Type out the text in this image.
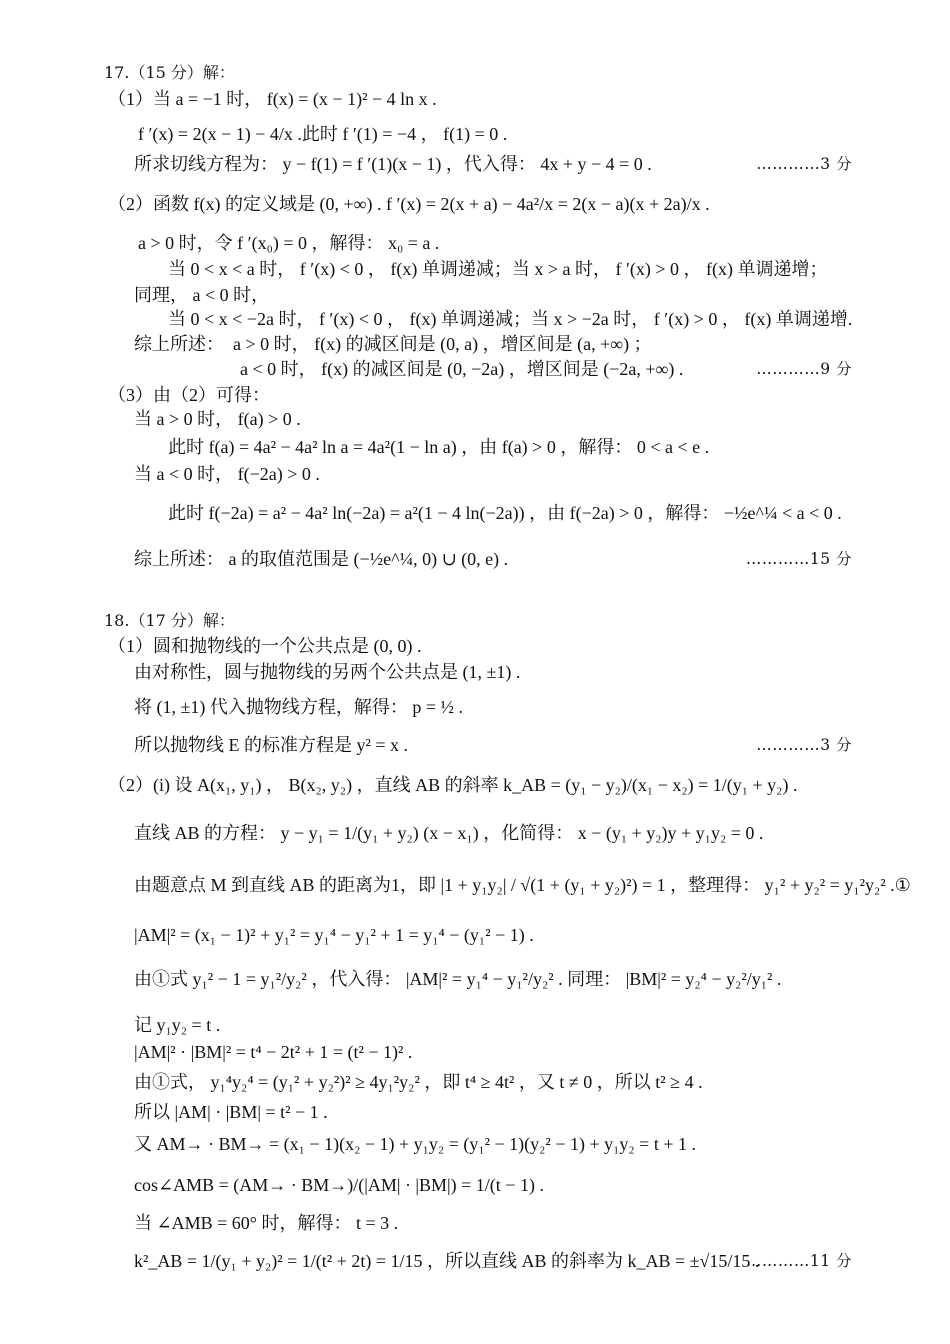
17.（15 分）解：
（1）当 a = −1 时， f(x) = (x − 1)² − 4 ln x .
f ′(x) = 2(x − 1) − 4/x .此时 f ′(1) = −4 ， f(1) = 0 .
所求切线方程为： y − f(1) = f ′(1)(x − 1) ，代入得： 4x + y − 4 = 0 .	…………3 分
（2）函数 f(x) 的定义域是 (0, +∞) . f ′(x) = 2(x + a) − 4a²/x = 2(x − a)(x + 2a)/x .
a > 0 时，令 f ′(x₀) = 0 ，解得： x₀ = a .
当 0 < x < a 时， f ′(x) < 0 ， f(x) 单调递减；当 x > a 时， f ′(x) > 0 ， f(x) 单调递增；
同理， a < 0 时，
当 0 < x < −2a 时， f ′(x) < 0 ， f(x) 单调递减；当 x > −2a 时， f ′(x) > 0 ， f(x) 单调递增.
综上所述：　a > 0 时， f(x) 的减区间是 (0, a) ，增区间是 (a, +∞) ；
a < 0 时， f(x) 的减区间是 (0, −2a) ，增区间是 (−2a, +∞) .	…………9 分
（3）由（2）可得：
当 a > 0 时， f(a) > 0 .
此时 f(a) = 4a² − 4a² ln a = 4a²(1 − ln a) ，由 f(a) > 0 ，解得： 0 < a < e .
当 a < 0 时， f(−2a) > 0 .
此时 f(−2a) = a² − 4a² ln(−2a) = a²(1 − 4 ln(−2a)) ，由 f(−2a) > 0 ，解得： −½e^¼ < a < 0 .
综上所述： a 的取值范围是 (−½e^¼, 0) ∪ (0, e) .	…………15 分
18.（17 分）解：
（1）圆和抛物线的一个公共点是 (0, 0) .
由对称性，圆与抛物线的另两个公共点是 (1, ±1) .
将 (1, ±1) 代入抛物线方程，解得： p = ½ .
所以抛物线 E 的标准方程是 y² = x .	…………3 分
（2）(i) 设 A(x₁, y₁) ， B(x₂, y₂) ，直线 AB 的斜率 k_AB = (y₁ − y₂)/(x₁ − x₂) = 1/(y₁ + y₂) .
直线 AB 的方程： y − y₁ = 1/(y₁ + y₂) (x − x₁) ，化简得： x − (y₁ + y₂)y + y₁y₂ = 0 .
由题意点 M 到直线 AB 的距离为1，即 |1 + y₁y₂| / √(1 + (y₁ + y₂)²) = 1 ，整理得： y₁² + y₂² = y₁²y₂² .①
|AM|² = (x₁ − 1)² + y₁² = y₁⁴ − y₁² + 1 = y₁⁴ − (y₁² − 1) .
由①式 y₁² − 1 = y₁²/y₂² ，代入得： |AM|² = y₁⁴ − y₁²/y₂² . 同理： |BM|² = y₂⁴ − y₂²/y₁² .
记 y₁y₂ = t .
|AM|² · |BM|² = t⁴ − 2t² + 1 = (t² − 1)² .
由①式， y₁⁴y₂⁴ = (y₁² + y₂²)² ≥ 4y₁²y₂² ，即 t⁴ ≥ 4t² ，又 t ≠ 0 ，所以 t² ≥ 4 .
所以 |AM| · |BM| = t² − 1 .
又 AM→ · BM→ = (x₁ − 1)(x₂ − 1) + y₁y₂ = (y₁² − 1)(y₂² − 1) + y₁y₂ = t + 1 .
cos∠AMB = (AM→ · BM→)/(|AM| · |BM|) = 1/(t − 1) .
当 ∠AMB = 60° 时，解得： t = 3 .
k²_AB = 1/(y₁ + y₂)² = 1/(t² + 2t) = 1/15 ，所以直线 AB 的斜率为 k_AB = ±√15/15 .
…………11 分
